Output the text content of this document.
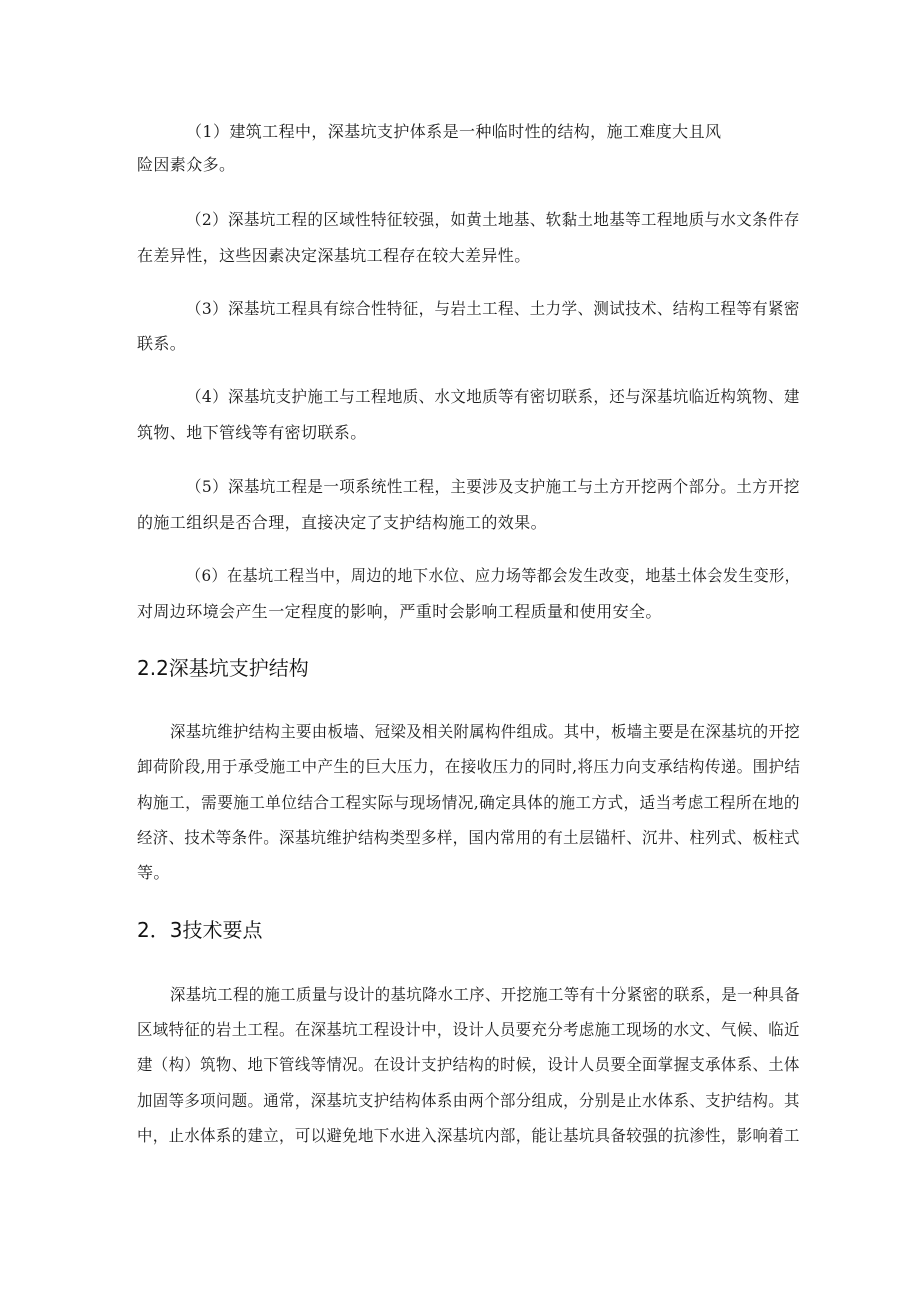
（1）建筑工程中，深基坑支护体系是一种临时性的结构，施工难度大且风
险因素众多。
（2）深基坑工程的区域性特征较强，如黄土地基、软黏土地基等工程地质与水文条件存
在差异性，这些因素决定深基坑工程存在较大差异性。
（3）深基坑工程具有综合性特征，与岩土工程、土力学、测试技术、结构工程等有紧密
联系。
（4）深基坑支护施工与工程地质、水文地质等有密切联系，还与深基坑临近构筑物、建
筑物、地下管线等有密切联系。
（5）深基坑工程是一项系统性工程，主要涉及支护施工与土方开挖两个部分。土方开挖
的施工组织是否合理，直接决定了支护结构施工的效果。
（6）在基坑工程当中，周边的地下水位、应力场等都会发生改变，地基土体会发生变形，
对周边环境会产生一定程度的影响，严重时会影响工程质量和使用安全。
2.2深基坑支护结构
深基坑维护结构主要由板墙、冠梁及相关附属构件组成。其中，板墙主要是在深基坑的开挖
卸荷阶段,用于承受施工中产生的巨大压力，在接收压力的同时,将压力向支承结构传递。围护结
构施工，需要施工单位结合工程实际与现场情况,确定具体的施工方式，适当考虑工程所在地的
经济、技术等条件。深基坑维护结构类型多样，国内常用的有土层锚杆、沉井、柱列式、板柱式
等。
2．3技术要点
深基坑工程的施工质量与设计的基坑降水工序、开挖施工等有十分紧密的联系，是一种具备
区域特征的岩土工程。在深基坑工程设计中，设计人员要充分考虑施工现场的水文、气候、临近
建（构）筑物、地下管线等情况。在设计支护结构的时候，设计人员要全面掌握支承体系、土体
加固等多项问题。通常，深基坑支护结构体系由两个部分组成，分别是止水体系、支护结构。其
中，止水体系的建立，可以避免地下水进入深基坑内部，能让基坑具备较强的抗渗性，影响着工
